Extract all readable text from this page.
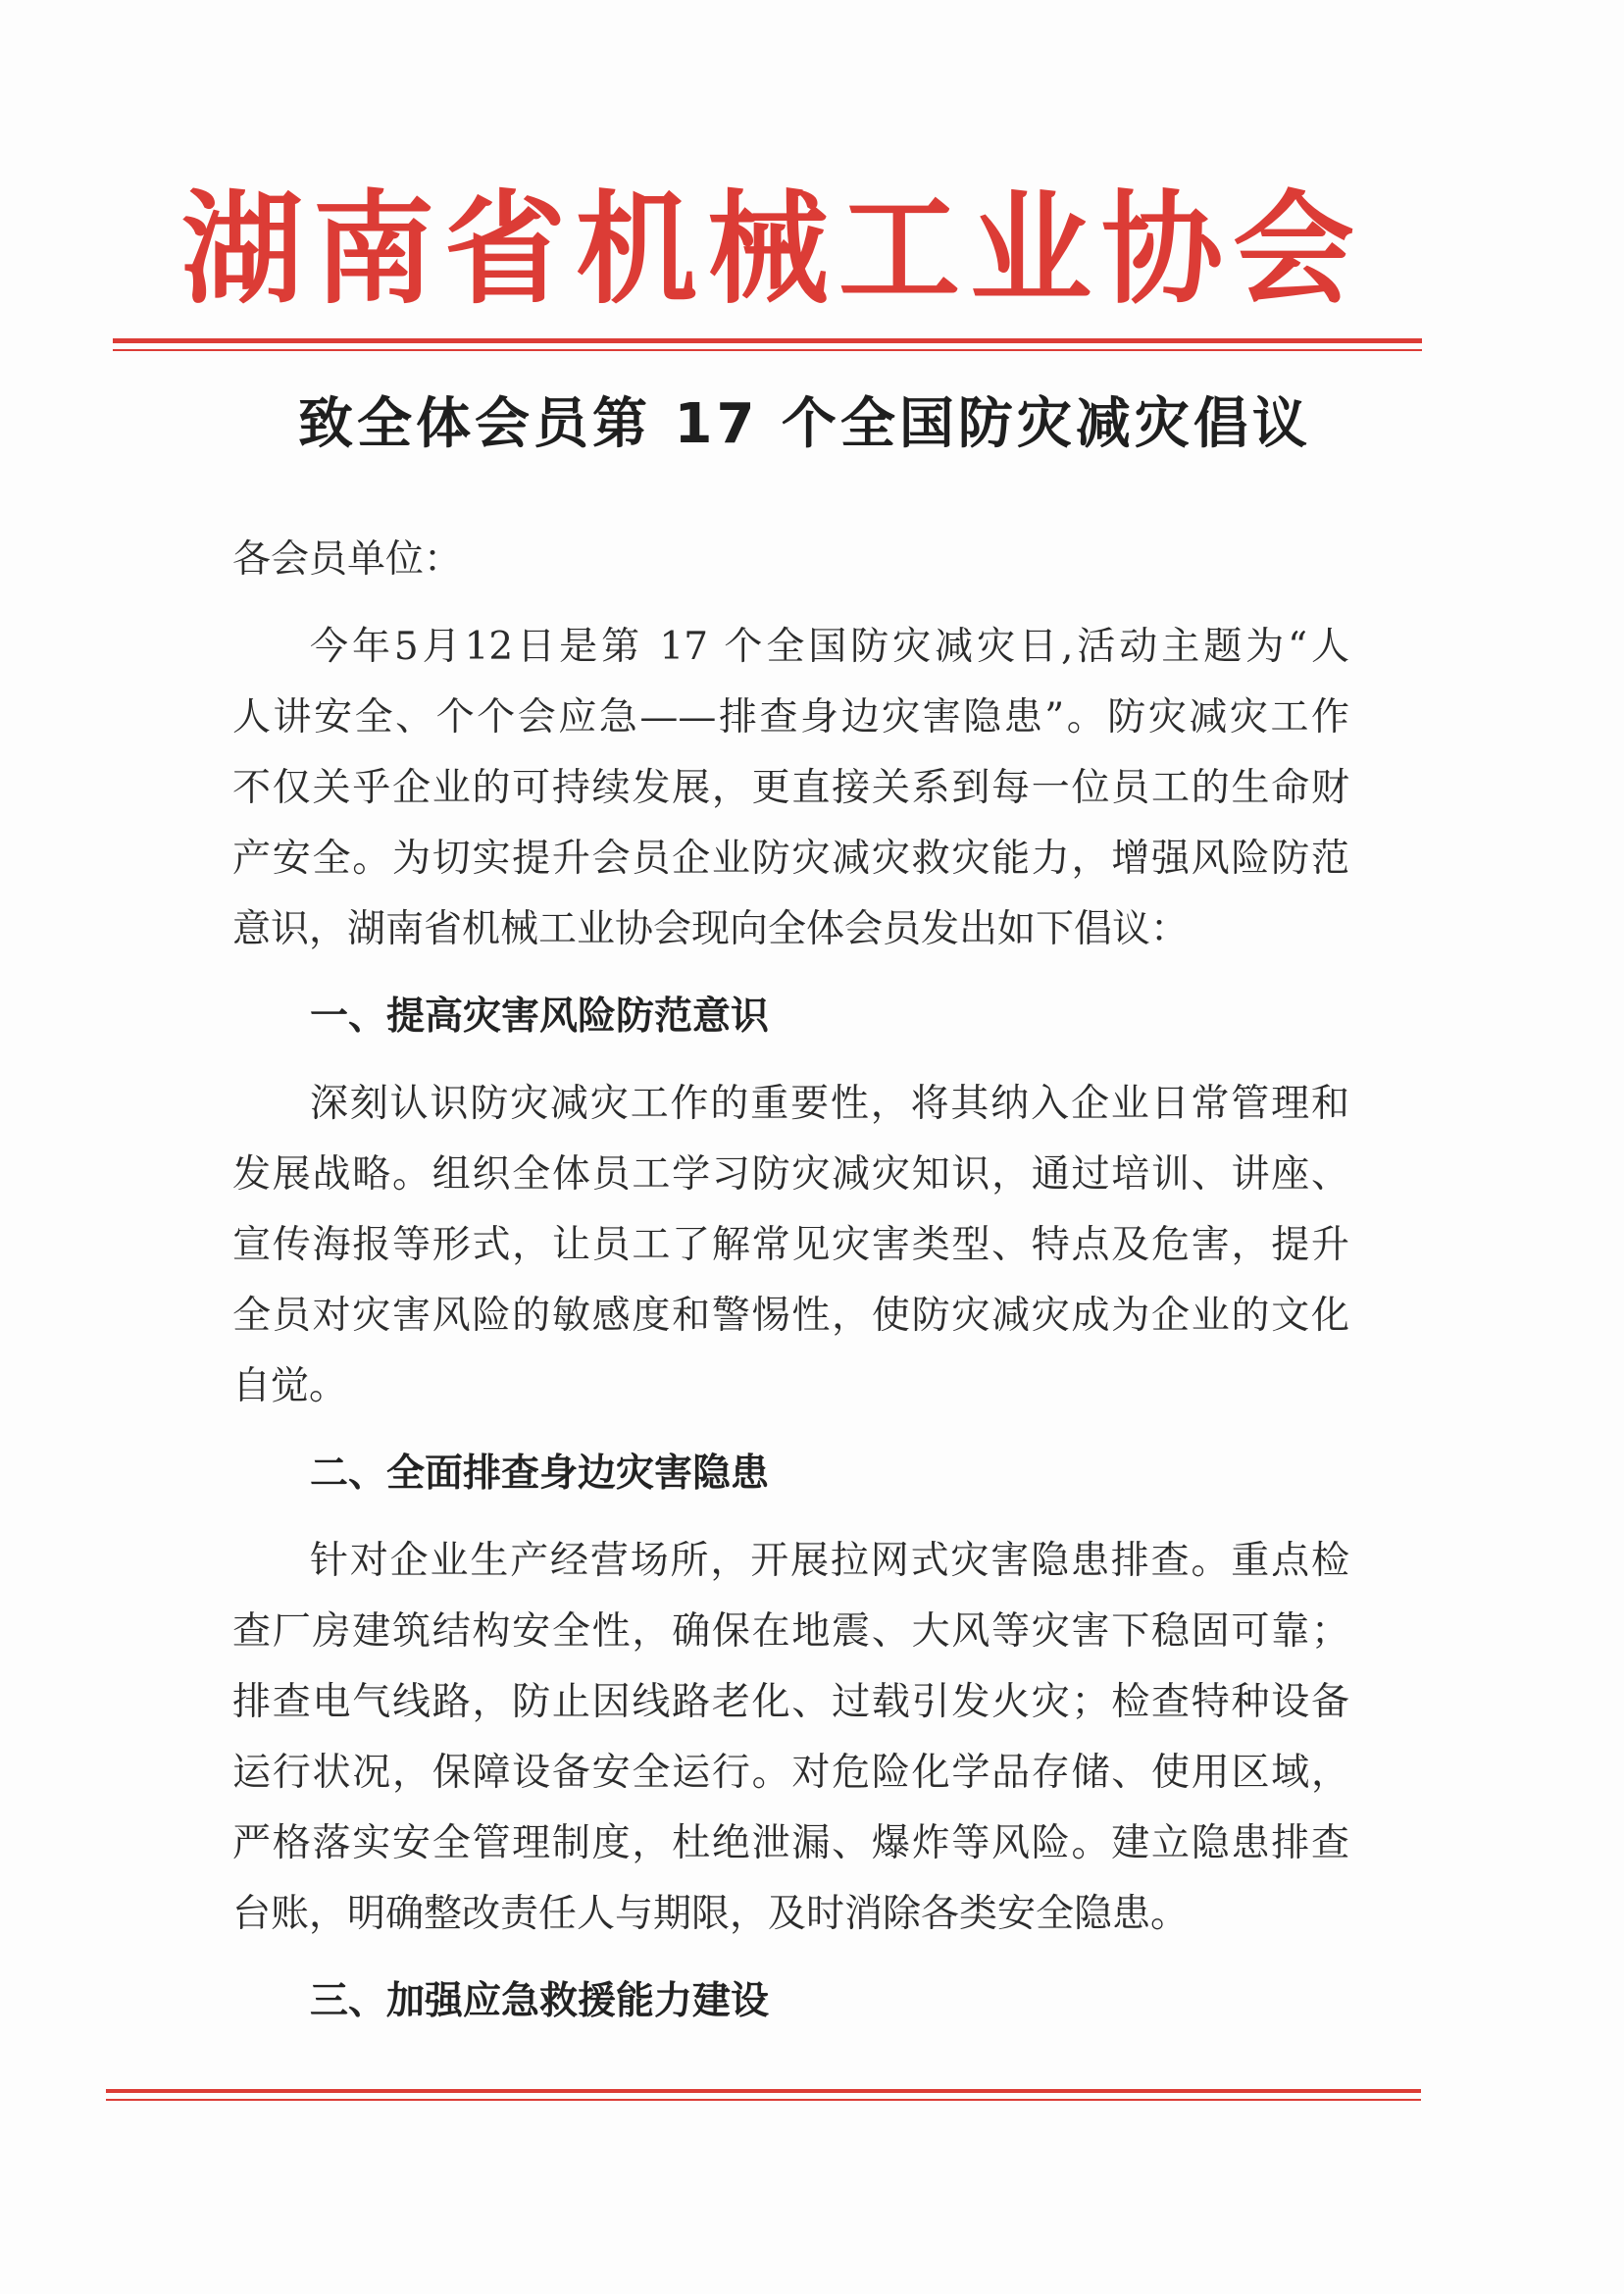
湖南省机械工业协会
致全体会员第 17 个全国防灾减灾倡议
各会员单位：
今年5月12日是第 17 个全国防灾减灾日,活动主题为“人
人讲安全、个个会应急——排查身边灾害隐患”。防灾减灾工作
不仅关乎企业的可持续发展，更直接关系到每一位员工的生命财
产安全。为切实提升会员企业防灾减灾救灾能力，增强风险防范
意识，湖南省机械工业协会现向全体会员发出如下倡议：
一、提高灾害风险防范意识
深刻认识防灾减灾工作的重要性，将其纳入企业日常管理和
发展战略。组织全体员工学习防灾减灾知识，通过培训、讲座、
宣传海报等形式，让员工了解常见灾害类型、特点及危害，提升
全员对灾害风险的敏感度和警惕性，使防灾减灾成为企业的文化
自觉。
二、全面排查身边灾害隐患
针对企业生产经营场所，开展拉网式灾害隐患排查。重点检
查厂房建筑结构安全性，确保在地震、大风等灾害下稳固可靠；
排查电气线路，防止因线路老化、过载引发火灾；检查特种设备
运行状况，保障设备安全运行。对危险化学品存储、使用区域，
严格落实安全管理制度，杜绝泄漏、爆炸等风险。建立隐患排查
台账，明确整改责任人与期限，及时消除各类安全隐患。
三、加强应急救援能力建设
